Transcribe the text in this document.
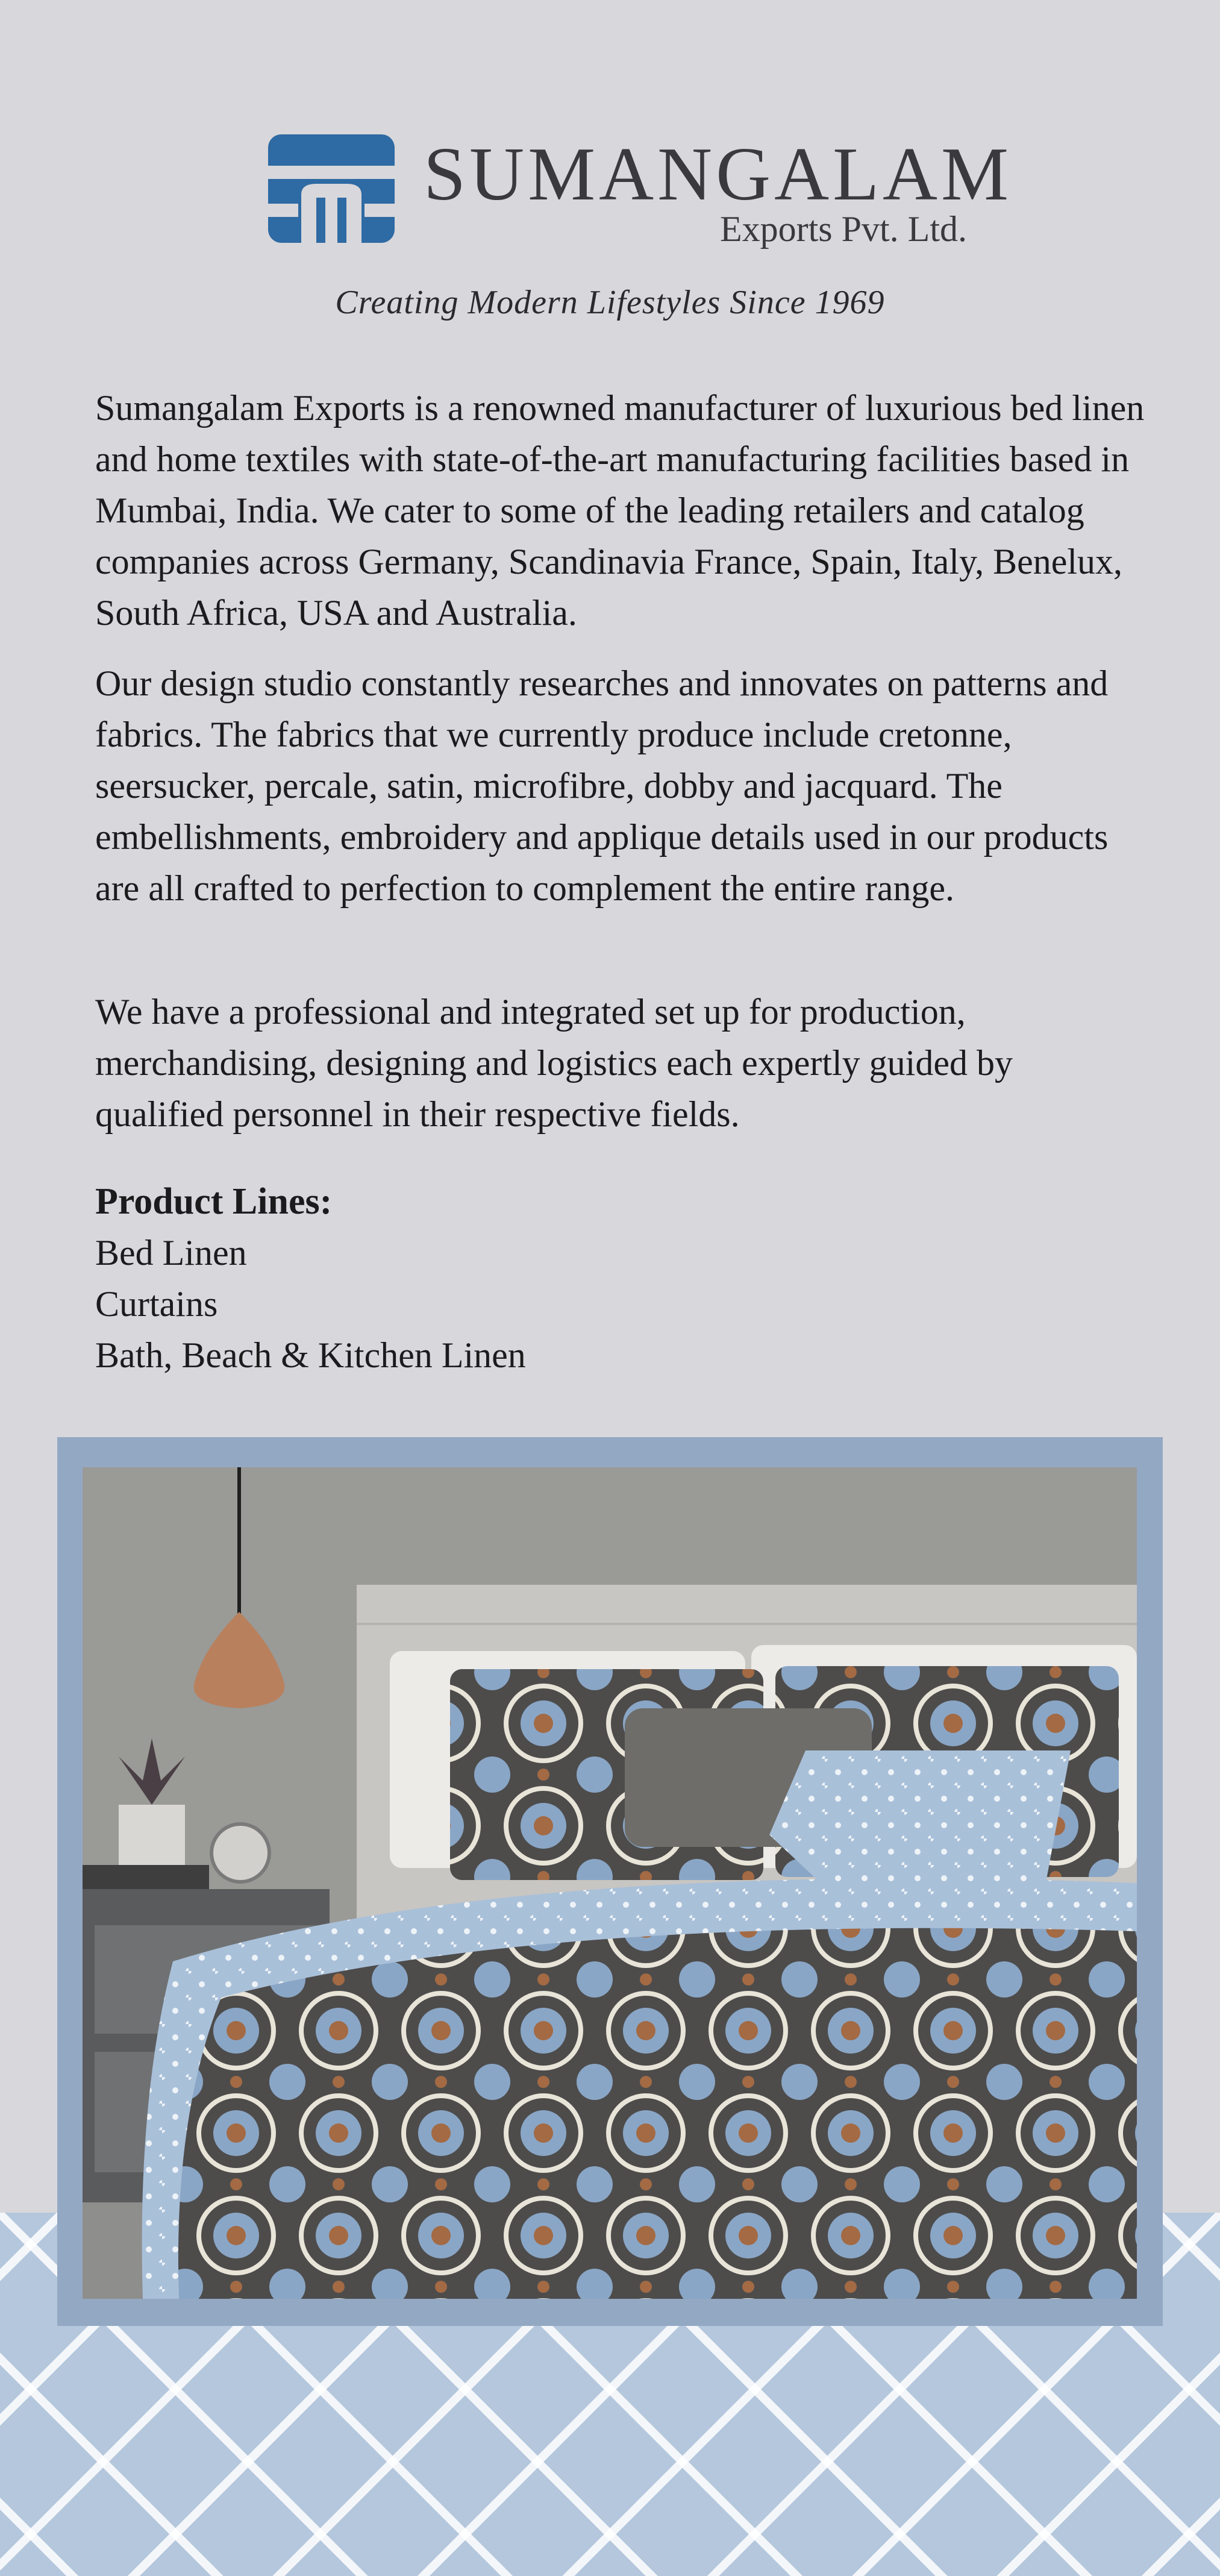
SUMANGALAM
Exports Pvt. Ltd.
Creating Modern Lifestyles Since 1969

Sumangalam Exports is a renowned manufacturer of luxurious bed linen and home textiles with state-of-the-art manufacturing facilities based in Mumbai, India. We cater to some of the leading retailers and catalog companies across Germany, Scandinavia France, Spain, Italy, Benelux, South Africa, USA and Australia.

Our design studio constantly researches and innovates on patterns and fabrics. The fabrics that we currently produce include cretonne, seersucker, percale, satin, microfibre, dobby and jacquard. The embellishments, embroidery and applique details used in our products are all crafted to perfection to complement the entire range.

We have a professional and integrated set up for production, merchandising, designing and logistics each expertly guided by qualified personnel in their respective fields.

Product Lines:
Bed Linen
Curtains
Bath, Beach & Kitchen Linen
